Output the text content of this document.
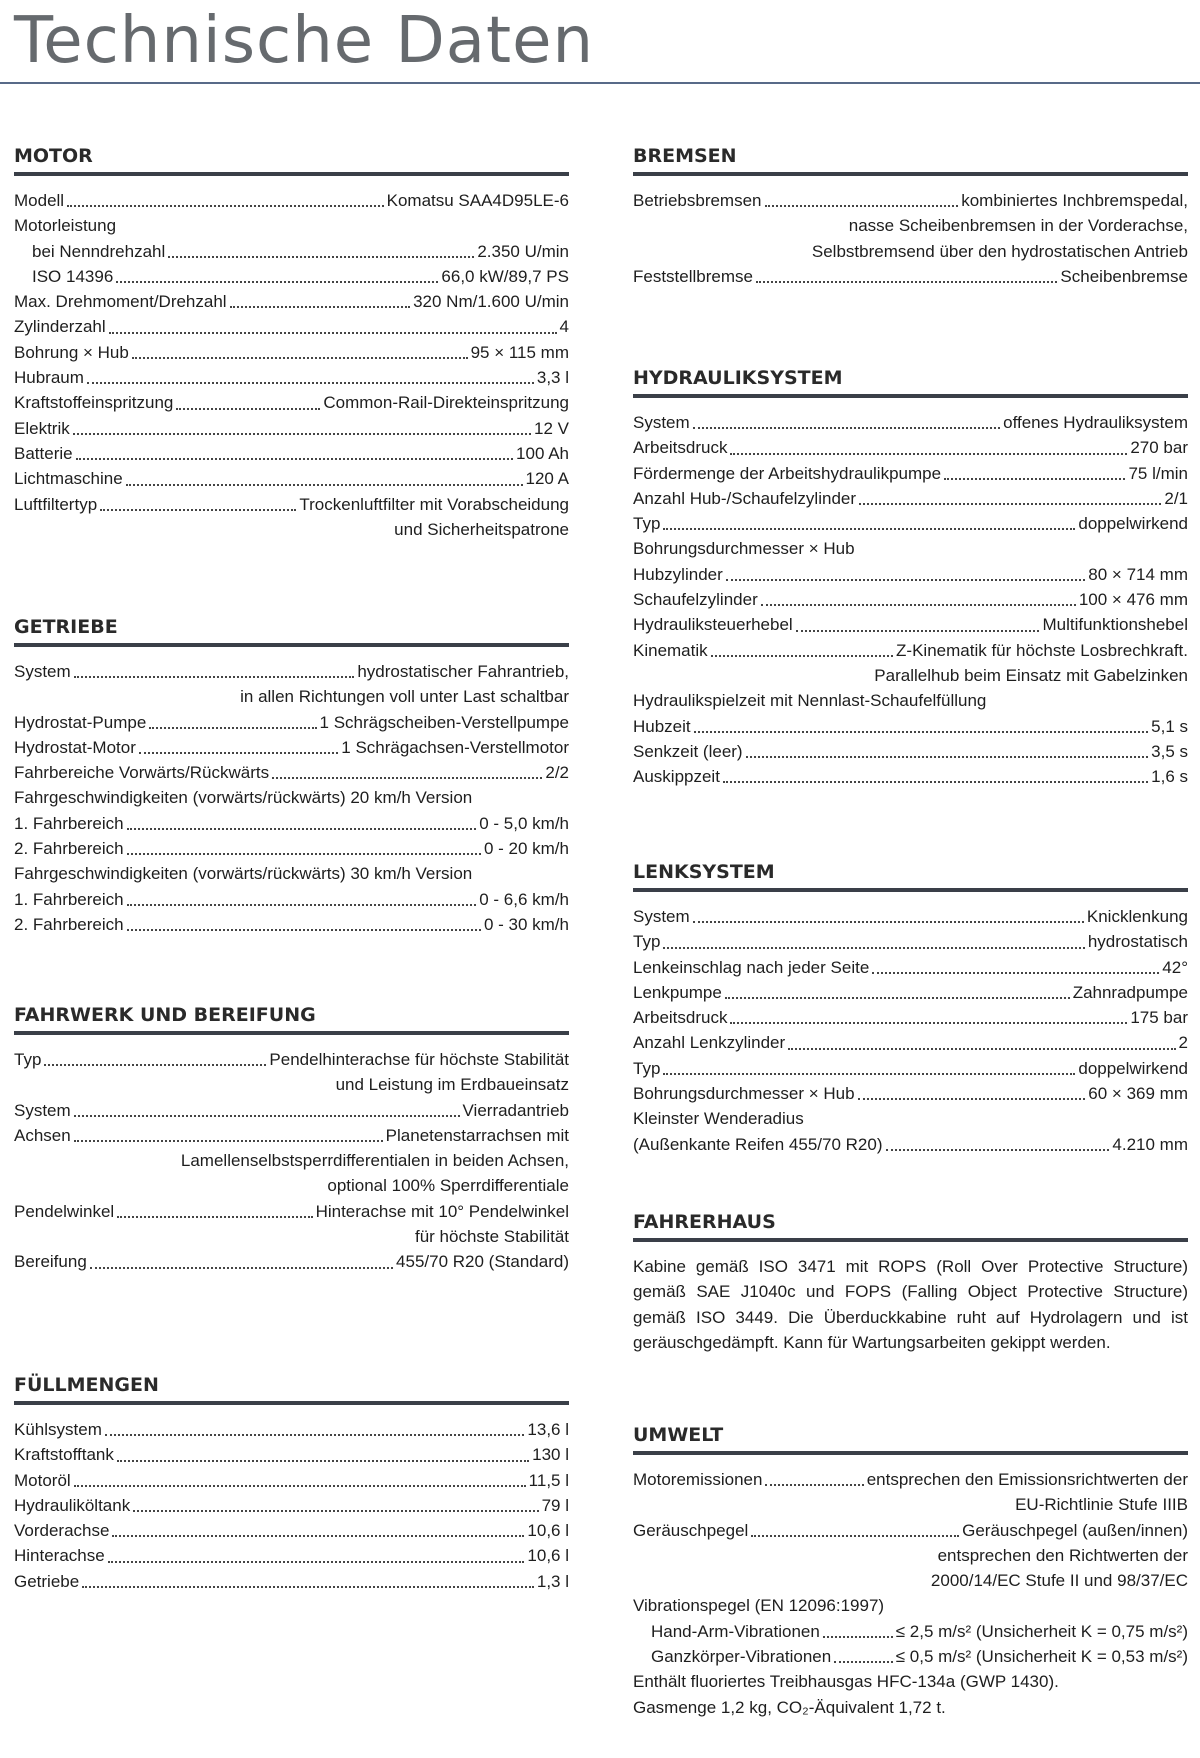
Technische Daten
MOTOR
Modell	Komatsu SAA4D95LE-6
Motorleistung
bei Nenndrehzahl	2.350 U/min
ISO 14396	66,0 kW/89,7 PS
Max. Drehmoment/Drehzahl	320 Nm/1.600 U/min
Zylinderzahl	4
Bohrung × Hub	95 × 115 mm
Hubraum	3,3 l
Kraftstoffeinspritzung	Common-Rail-Direkteinspritzung
Elektrik	12 V
Batterie	100 Ah
Lichtmaschine	120 A
Luftfiltertyp	Trockenluftfilter mit Vorabscheidung
und Sicherheitspatrone
GETRIEBE
System	hydrostatischer Fahrantrieb,
in allen Richtungen voll unter Last schaltbar
Hydrostat-Pumpe	1 Schrägscheiben-Verstellpumpe
Hydrostat-Motor	1 Schrägachsen-Verstellmotor
Fahrbereiche Vorwärts/Rückwärts	2/2
Fahrgeschwindigkeiten (vorwärts/rückwärts) 20 km/h Version
1. Fahrbereich	0 - 5,0 km/h
2. Fahrbereich	0 - 20 km/h
Fahrgeschwindigkeiten (vorwärts/rückwärts) 30 km/h Version
1. Fahrbereich	0 - 6,6 km/h
2. Fahrbereich	0 - 30 km/h
FAHRWERK UND BEREIFUNG
Typ	Pendelhinterachse für höchste Stabilität
und Leistung im Erdbaueinsatz
System	Vierradantrieb
Achsen	Planetenstarrachsen mit
Lamellenselbstsperrdifferentialen in beiden Achsen,
optional 100% Sperrdifferentiale
Pendelwinkel	Hinterachse mit 10° Pendelwinkel
für höchste Stabilität
Bereifung	455/70 R20 (Standard)
FÜLLMENGEN
Kühlsystem	13,6 l
Kraftstofftank	130 l
Motoröl	11,5 l
Hydrauliköltank	79 l
Vorderachse	10,6 l
Hinterachse	10,6 l
Getriebe	1,3 l
BREMSEN
Betriebsbremsen	kombiniertes Inchbremspedal,
nasse Scheibenbremsen in der Vorderachse,
Selbstbremsend über den hydrostatischen Antrieb
Feststellbremse	Scheibenbremse
HYDRAULIKSYSTEM
System	offenes Hydrauliksystem
Arbeitsdruck	270 bar
Fördermenge der Arbeitshydraulikpumpe	75 l/min
Anzahl Hub-/Schaufelzylinder	2/1
Typ	doppelwirkend
Bohrungsdurchmesser × Hub
Hubzylinder	80 × 714 mm
Schaufelzylinder	100 × 476 mm
Hydrauliksteuerhebel	Multifunktionshebel
Kinematik	Z-Kinematik für höchste Losbrechkraft.
Parallelhub beim Einsatz mit Gabelzinken
Hydraulikspielzeit mit Nennlast-Schaufelfüllung
Hubzeit	5,1 s
Senkzeit (leer)	3,5 s
Auskippzeit	1,6 s
LENKSYSTEM
System	Knicklenkung
Typ	hydrostatisch
Lenkeinschlag nach jeder Seite	42°
Lenkpumpe	Zahnradpumpe
Arbeitsdruck	175 bar
Anzahl Lenkzylinder	2
Typ	doppelwirkend
Bohrungsdurchmesser × Hub	60 × 369 mm
Kleinster Wenderadius
(Außenkante Reifen 455/70 R20)	4.210 mm
FAHRERHAUS

Kabine gemäß ISO 3471 mit ROPS (Roll Over Protective Structure) gemäß SAE J1040c und FOPS (Falling Object Protective Structure) gemäß ISO 3449. Die Überduckkabine ruht auf Hydrolagern und ist geräuschgedämpft. Kann für Wartungsarbeiten gekippt werden.

UMWELT
Motoremissionen	entsprechen den Emissionsrichtwerten der
EU-Richtlinie Stufe IIIB
Geräuschpegel	Geräuschpegel (außen/innen)
entsprechen den Richtwerten der
2000/14/EC Stufe II und 98/37/EC
Vibrationspegel (EN 12096:1997)
Hand-Arm-Vibrationen	≤ 2,5 m/s² (Unsicherheit K = 0,75 m/s²)
Ganzkörper-Vibrationen	≤ 0,5 m/s² (Unsicherheit K = 0,53 m/s²)
Enthält fluoriertes Treibhausgas HFC-134a (GWP 1430).
Gasmenge 1,2 kg, CO₂-Äquivalent 1,72 t.
